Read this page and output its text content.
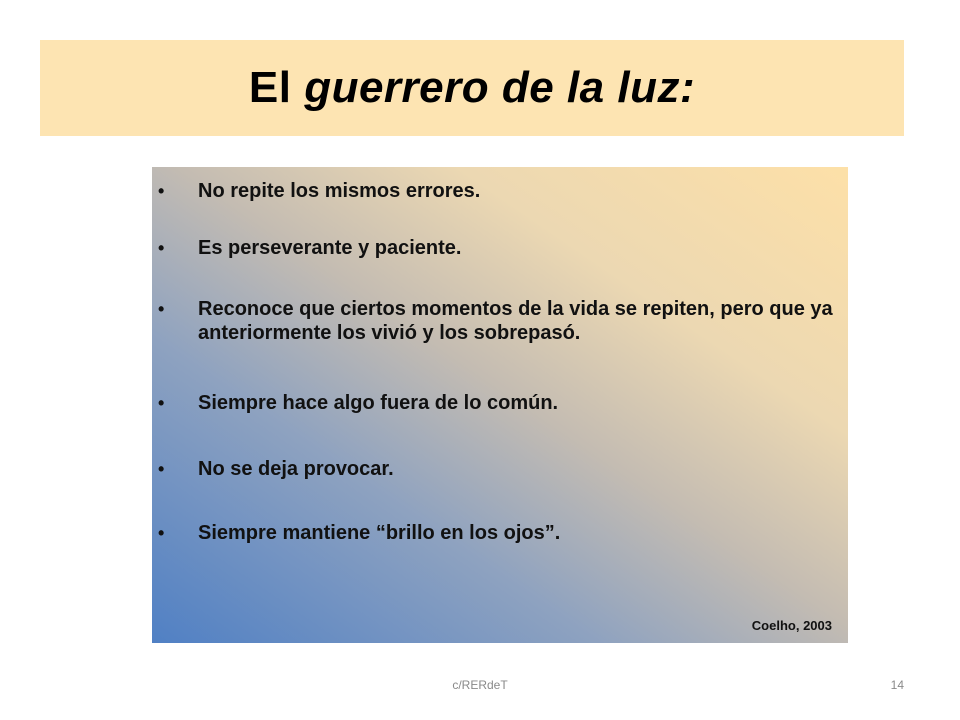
El guerrero de la luz:
• No repite los mismos errores.
• Es perseverante y paciente.
• Reconoce que ciertos momentos de la vida se repiten, pero que ya anteriormente los vivió y los sobrepasó.
• Siempre hace algo fuera de lo común.
• No se deja provocar.
• Siempre mantiene “brillo en los ojos”.
Coelho, 2003
c/RERdeT	14
